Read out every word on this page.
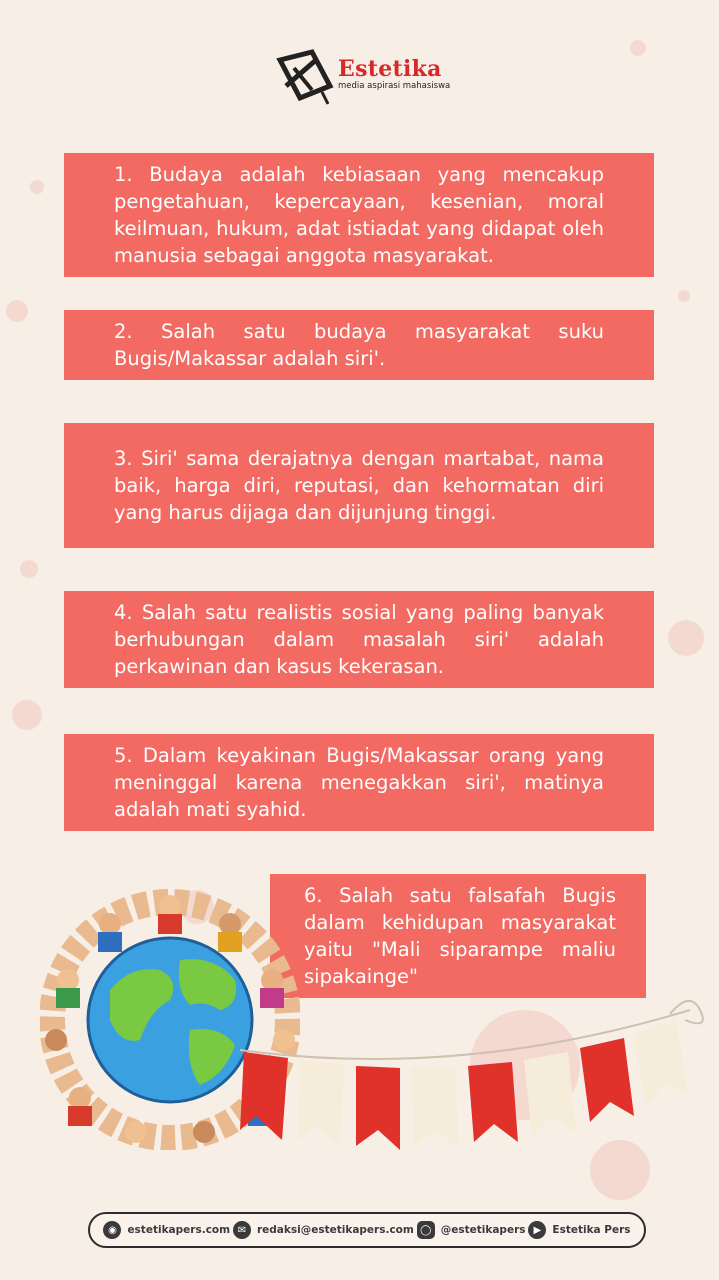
Estetika
media aspirasi mahasiswa
1. Budaya adalah kebiasaan yang mencakup pengetahuan, kepercayaan, kesenian, moral keilmuan, hukum, adat istiadat yang didapat oleh manusia sebagai anggota masyarakat.
2. Salah satu budaya masyarakat suku Bugis/Makassar adalah siri'.
3. Siri' sama derajatnya dengan martabat, nama baik, harga diri, reputasi, dan kehormatan diri yang harus dijaga dan dijunjung tinggi.
4. Salah satu realistis sosial yang paling banyak berhubungan dalam masalah siri' adalah perkawinan dan kasus kekerasan.
5. Dalam keyakinan Bugis/Makassar orang yang meninggal karena menegakkan siri', matinya adalah mati syahid.
6. Salah satu falsafah Bugis dalam kehidupan masyarakat yaitu "Mali siparampe maliu sipakainge"
◉	estetikapers.com ✉	redaksi@estetikapers.com ◯ @estetikapers ▶	Estetika Pers
